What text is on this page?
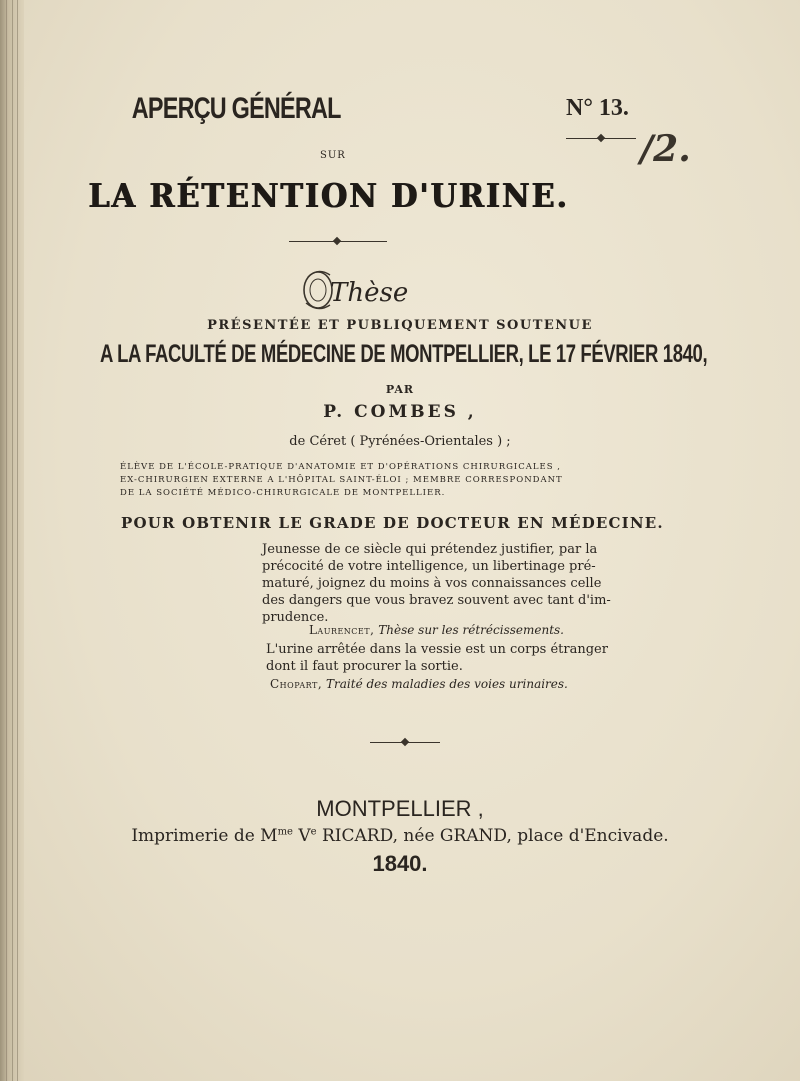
APERÇU GÉNÉRAL	N° 13.
/2.
SUR
LA RÉTENTION D'URINE.
Thèse
PRÉSENTÉE ET PUBLIQUEMENT SOUTENUE
A LA FACULTÉ DE MÉDECINE DE MONTPELLIER, LE 17 FÉVRIER 1840,
PAR
P. COMBES ,
de Céret ( Pyrénées-Orientales ) ;
ÉLÈVE DE L'ÉCOLE-PRATIQUE D'ANATOMIE ET D'OPÉRATIONS CHIRURGICALES ,
EX-CHIRURGIEN EXTERNE A L'HÔPITAL SAINT-ÉLOI ; MEMBRE CORRESPONDANT
DE LA SOCIÉTÉ MÉDICO-CHIRURGICALE DE MONTPELLIER.
POUR OBTENIR LE GRADE DE DOCTEUR EN MÉDECINE.
Jeunesse de ce siècle qui prétendez justifier, par la
précocité de votre intelligence, un libertinage pré-
maturé, joignez du moins à vos connaissances celle
des dangers que vous bravez souvent avec tant d'im-
prudence.
Laurencet, Thèse sur les rétrécissements.
L'urine arrêtée dans la vessie est un corps étranger
dont il faut procurer la sortie.
Chopart, Traité des maladies des voies urinaires.
MONTPELLIER ,
Imprimerie de $M^{me}$ Ve RICARD, née GRAND, place d'Encivade.
1840.
